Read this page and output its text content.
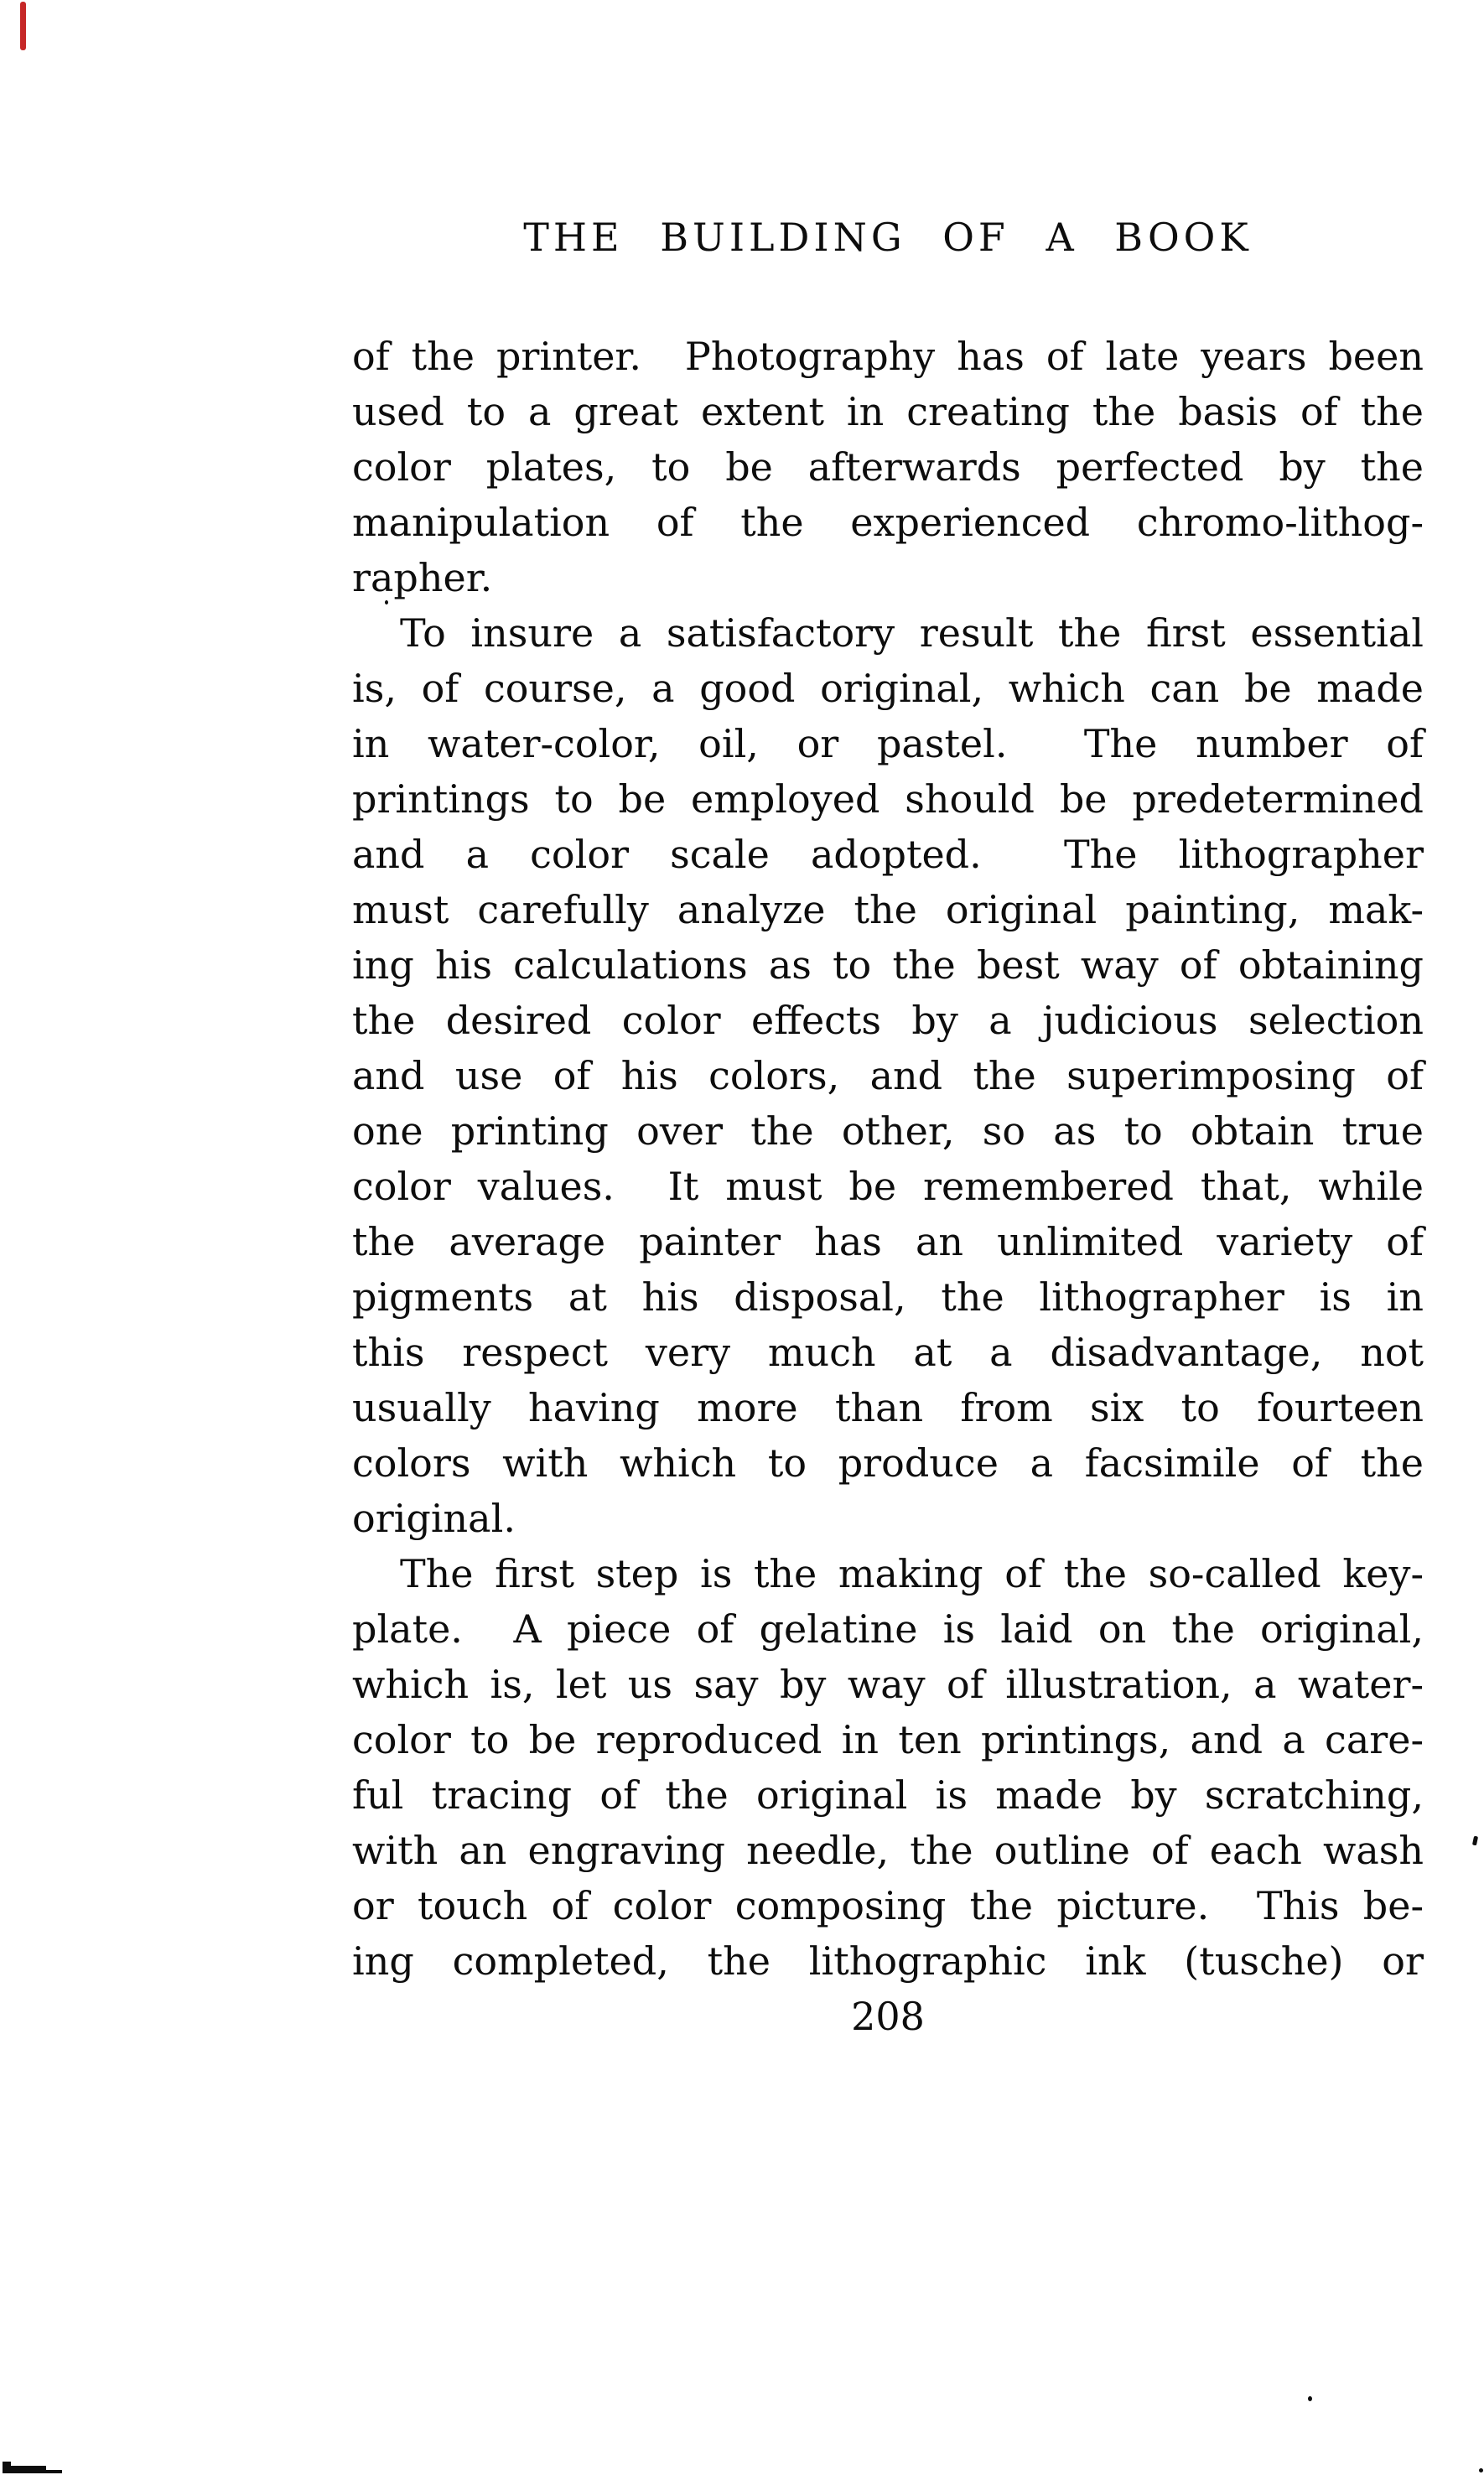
THE BUILDING OF A BOOK
of the printer.  Photography has of late years been
used to a great extent in creating the basis of the
color plates, to be afterwards perfected by the
manipulation of the experienced chromo-lithog-
rapher.
To insure a satisfactory result the first essential
is, of course, a good original, which can be made
in water-color, oil, or pastel.  The number of
printings to be employed should be predetermined
and a color scale adopted.  The lithographer
must carefully analyze the original painting, mak-
ing his calculations as to the best way of obtaining
the desired color effects by a judicious selection
and use of his colors, and the superimposing of
one printing over the other, so as to obtain true
color values.  It must be remembered that, while
the average painter has an unlimited variety of
pigments at his disposal, the lithographer is in
this respect very much at a disadvantage, not
usually having more than from six to fourteen
colors with which to produce a facsimile of the
original.
The first step is the making of the so-called key-
plate.  A piece of gelatine is laid on the original,
which is, let us say by way of illustration, a water-
color to be reproduced in ten printings, and a care-
ful tracing of the original is made by scratching,
with an engraving needle, the outline of each wash
or touch of color composing the picture.  This be-
ing completed, the lithographic ink (tusche) or
208
